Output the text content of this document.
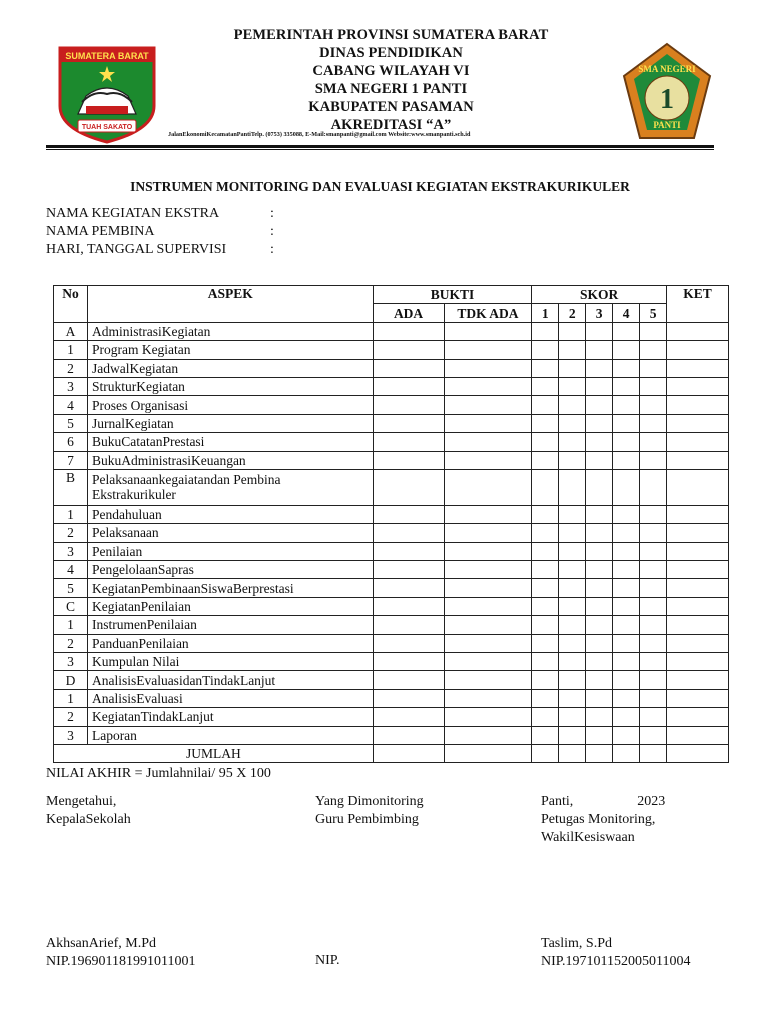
SUMATERA BARAT
TUAH SAKATO
PEMERINTAH PROVINSI SUMATERA BARAT
DINAS PENDIDIKAN
CABANG WILAYAH VI
SMA NEGERI 1 PANTI
KABUPATEN PASAMAN
AKREDITASI “A”
JalanEkonomiKecamatanPantiTelp. (0753) 335088, E-Mail:smanpanti@gmail.com Website:www.smanpanti.sch.id
SMA NEGERI
1
PANTI
INSTRUMEN MONITORING DAN EVALUASI KEGIATAN EKSTRAKURIKULER
NAMA KEGIATAN EKSTRA	:
NAMA PEMBINA	:
HARI, TANGGAL SUPERVISI	:
No	ASPEK	BUKTI		SKOR					KET
		ADA	TDK ADA	1	2	3	4	5	
A	AdministrasiKegiatan								
1	Program Kegiatan								
2	JadwalKegiatan								
3	StrukturKegiatan								
4	Proses Organisasi								
5	JurnalKegiatan								
6	BukuCatatanPrestasi								
7	BukuAdministrasiKeuangan								
B	Pelaksanaankegaiatandan Pembina
Ekstrakurikuler								

1	Pendahuluan								
2	Pelaksanaan								
3	Penilaian								
4	PengelolaanSapras								
5	KegiatanPembinaanSiswaBerprestasi								
C	KegiatanPenilaian								
1	InstrumenPenilaian								
2	PanduanPenilaian								
3	Kumpulan Nilai								
D	AnalisisEvaluasidanTindakLanjut								
1	AnalisisEvaluasi								
2	KegiatanTindakLanjut								
3	Laporan								
JUMLAH									
NILAI AKHIR = Jumlahnilai/ 95 X 100
Mengetahui,
KepalaSekolah
Yang Dimonitoring
Guru Pembimbing
Panti,	2023
Petugas Monitoring,
WakilKesiswaan
AkhsanArief, M.Pd
NIP.196901181991011001	NIP.
Taslim, S.Pd
NIP.197101152005011004
